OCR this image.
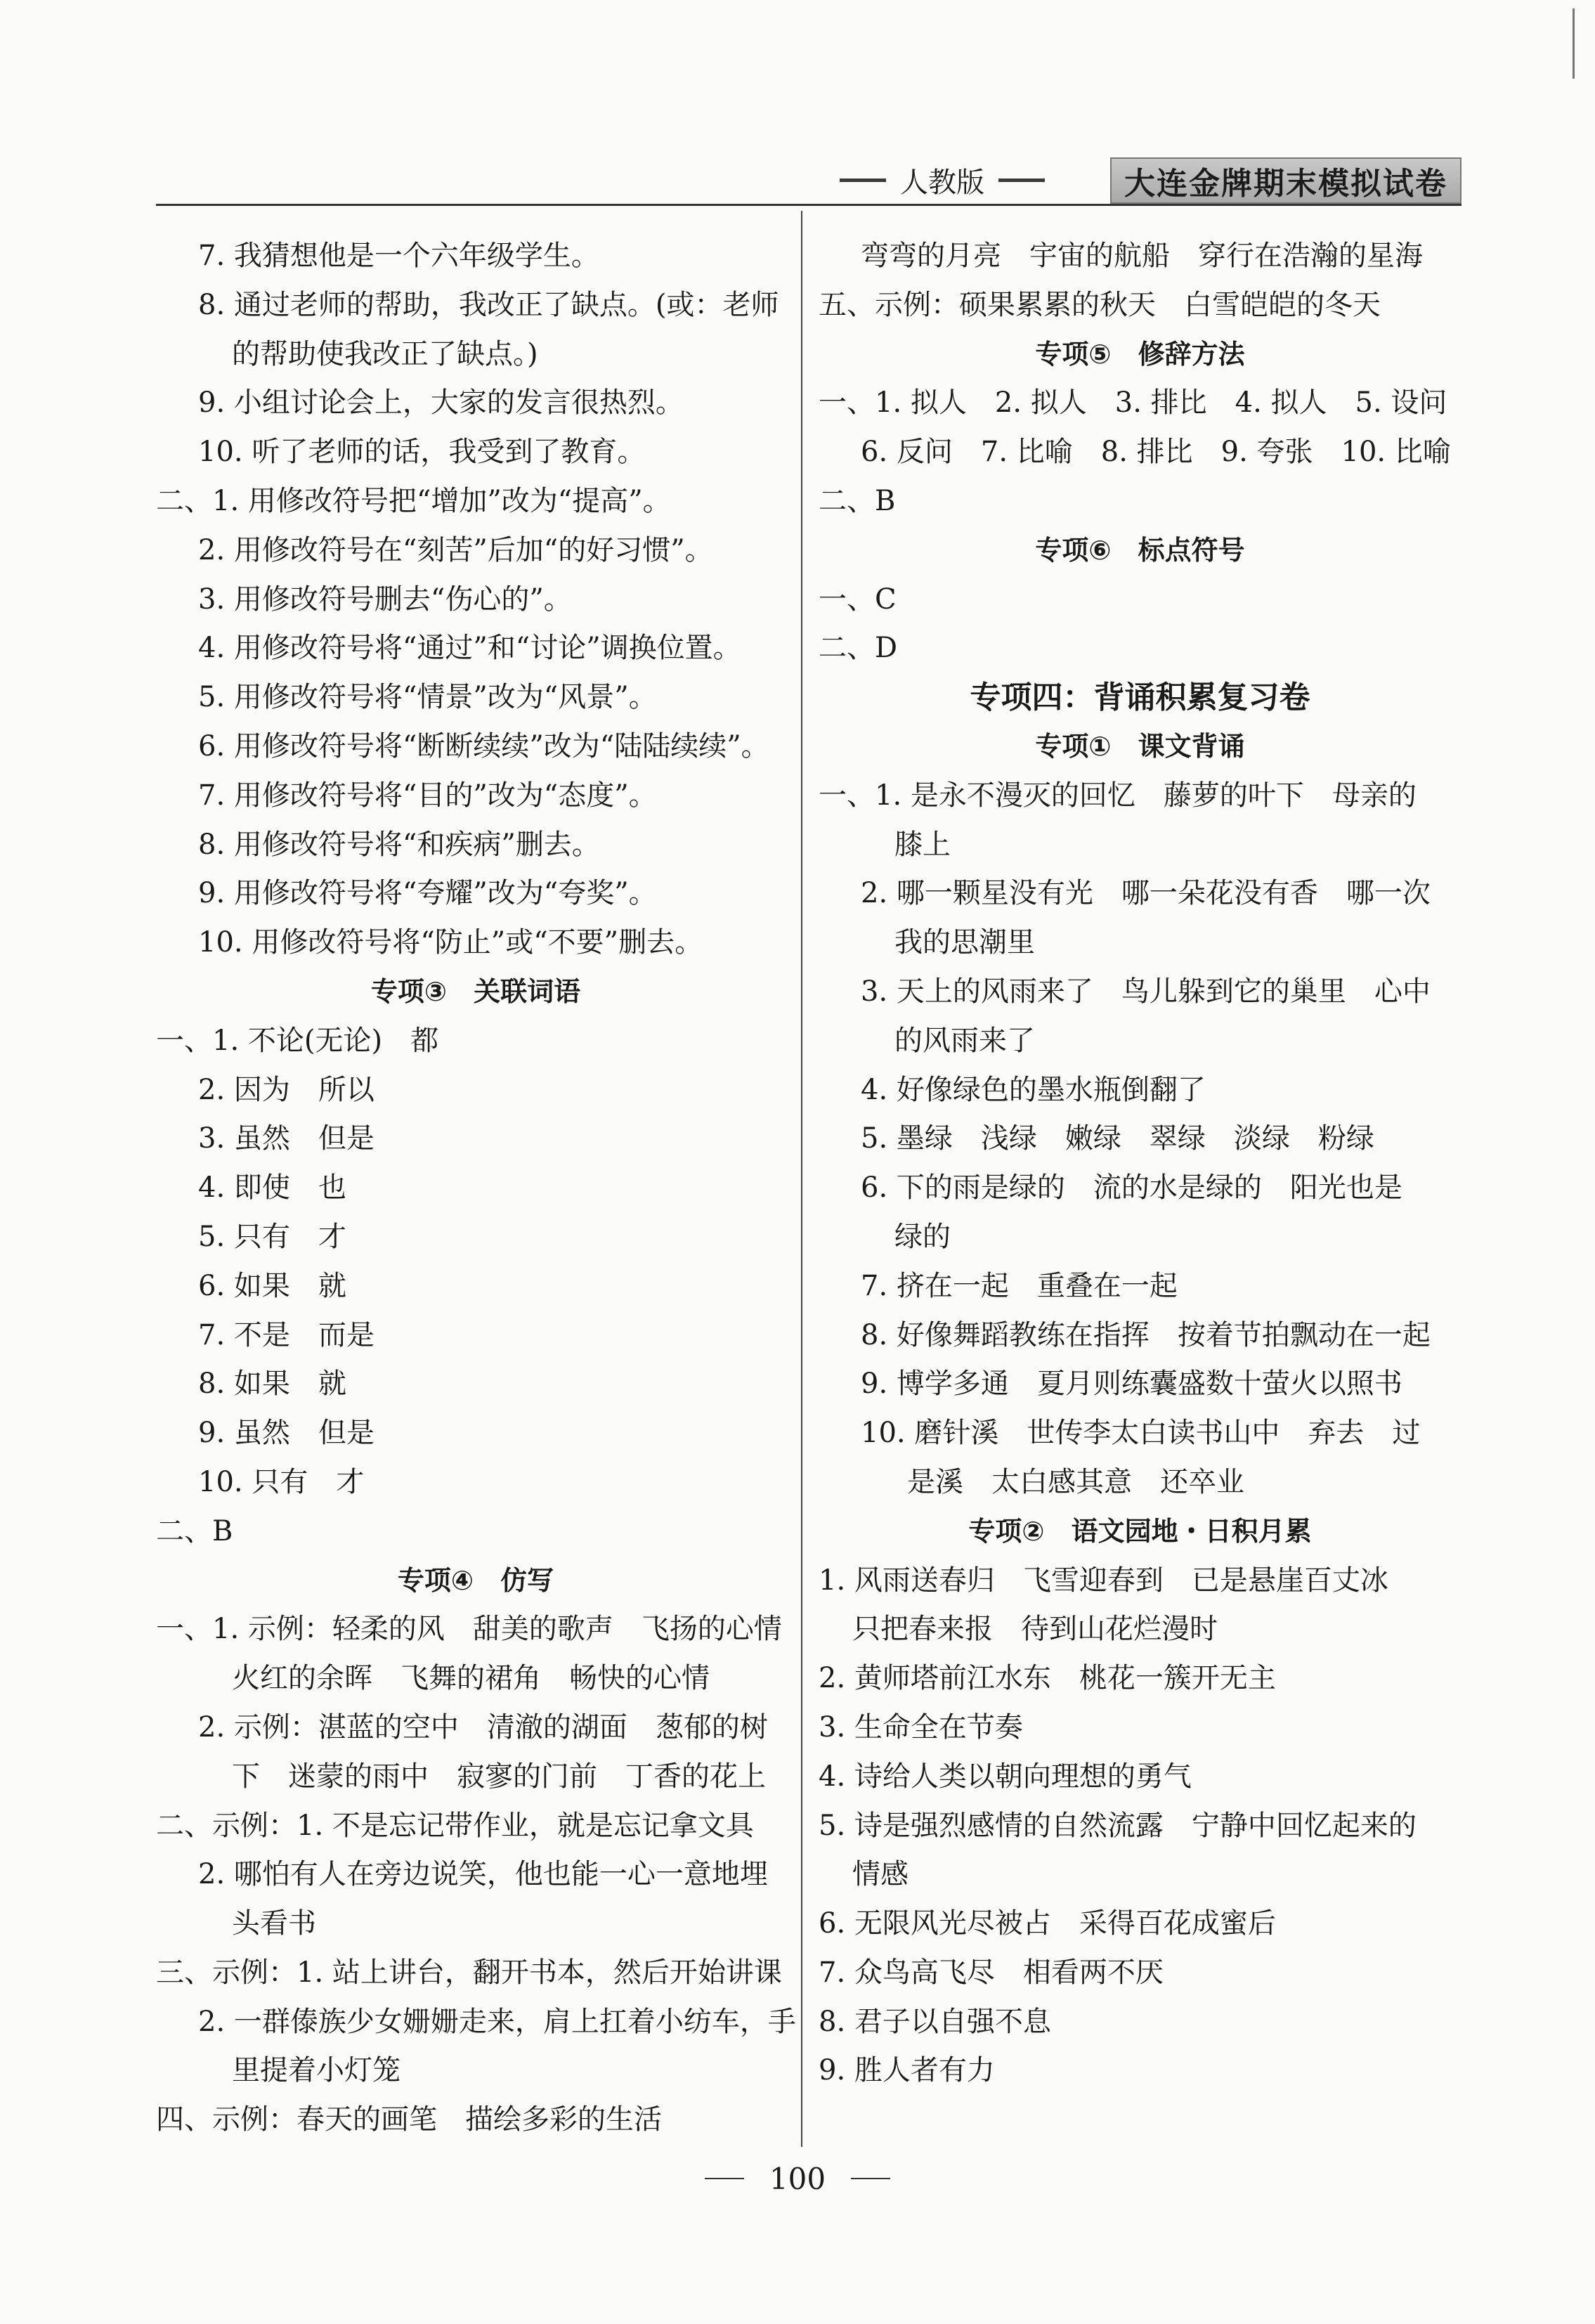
人教版	大连金牌期末模拟试卷
7. 我猜想他是一个六年级学生。
8. 通过老师的帮助，我改正了缺点。(或：老师
的帮助使我改正了缺点。)
9. 小组讨论会上，大家的发言很热烈。
10. 听了老师的话，我受到了教育。
二、1. 用修改符号把“增加”改为“提高”。
2. 用修改符号在“刻苦”后加“的好习惯”。
3. 用修改符号删去“伤心的”。
4. 用修改符号将“通过”和“讨论”调换位置。
5. 用修改符号将“情景”改为“风景”。
6. 用修改符号将“断断续续”改为“陆陆续续”。
7. 用修改符号将“目的”改为“态度”。
8. 用修改符号将“和疾病”删去。
9. 用修改符号将“夸耀”改为“夸奖”。
10. 用修改符号将“防止”或“不要”删去。
专项③　关联词语
一、1. 不论(无论)　都
2. 因为　所以
3. 虽然　但是
4. 即使　也
5. 只有　才
6. 如果　就
7. 不是　而是
8. 如果　就
9. 虽然　但是
10. 只有　才
二、B
专项④　仿写
一、1. 示例：轻柔的风　甜美的歌声　飞扬的心情
火红的余晖　飞舞的裙角　畅快的心情
2. 示例：湛蓝的空中　清澈的湖面　葱郁的树
下　迷蒙的雨中　寂寥的门前　丁香的花上
二、示例：1. 不是忘记带作业，就是忘记拿文具
2. 哪怕有人在旁边说笑，他也能一心一意地埋
头看书
三、示例：1. 站上讲台，翻开书本，然后开始讲课
2. 一群傣族少女姗姗走来，肩上扛着小纺车，手
里提着小灯笼
四、示例：春天的画笔　描绘多彩的生活
弯弯的月亮　宇宙的航船　穿行在浩瀚的星海
五、示例：硕果累累的秋天　白雪皑皑的冬天
专项⑤　修辞方法
一、1. 拟人　2. 拟人　3. 排比　4. 拟人　5. 设问
6. 反问　7. 比喻　8. 排比　9. 夸张　10. 比喻
二、B
专项⑥　标点符号
一、C
二、D
专项四：背诵积累复习卷
专项①　课文背诵
一、1. 是永不漫灭的回忆　藤萝的叶下　母亲的
膝上
2. 哪一颗星没有光　哪一朵花没有香　哪一次
我的思潮里
3. 天上的风雨来了　鸟儿躲到它的巢里　心中
的风雨来了
4. 好像绿色的墨水瓶倒翻了
5. 墨绿　浅绿　嫩绿　翠绿　淡绿　粉绿
6. 下的雨是绿的　流的水是绿的　阳光也是
绿的
7. 挤在一起　重叠在一起
8. 好像舞蹈教练在指挥　按着节拍飘动在一起
9. 博学多通　夏月则练囊盛数十萤火以照书
10. 磨针溪　世传李太白读书山中　弃去　过
是溪　太白感其意　还卒业
专项②　语文园地・日积月累
1. 风雨送春归　飞雪迎春到　已是悬崖百丈冰
只把春来报　待到山花烂漫时
2. 黄师塔前江水东　桃花一簇开无主
3. 生命全在节奏
4. 诗给人类以朝向理想的勇气
5. 诗是强烈感情的自然流露　宁静中回忆起来的
情感
6. 无限风光尽被占　采得百花成蜜后
7. 众鸟高飞尽　相看两不厌
8. 君子以自强不息
9. 胜人者有力
100
